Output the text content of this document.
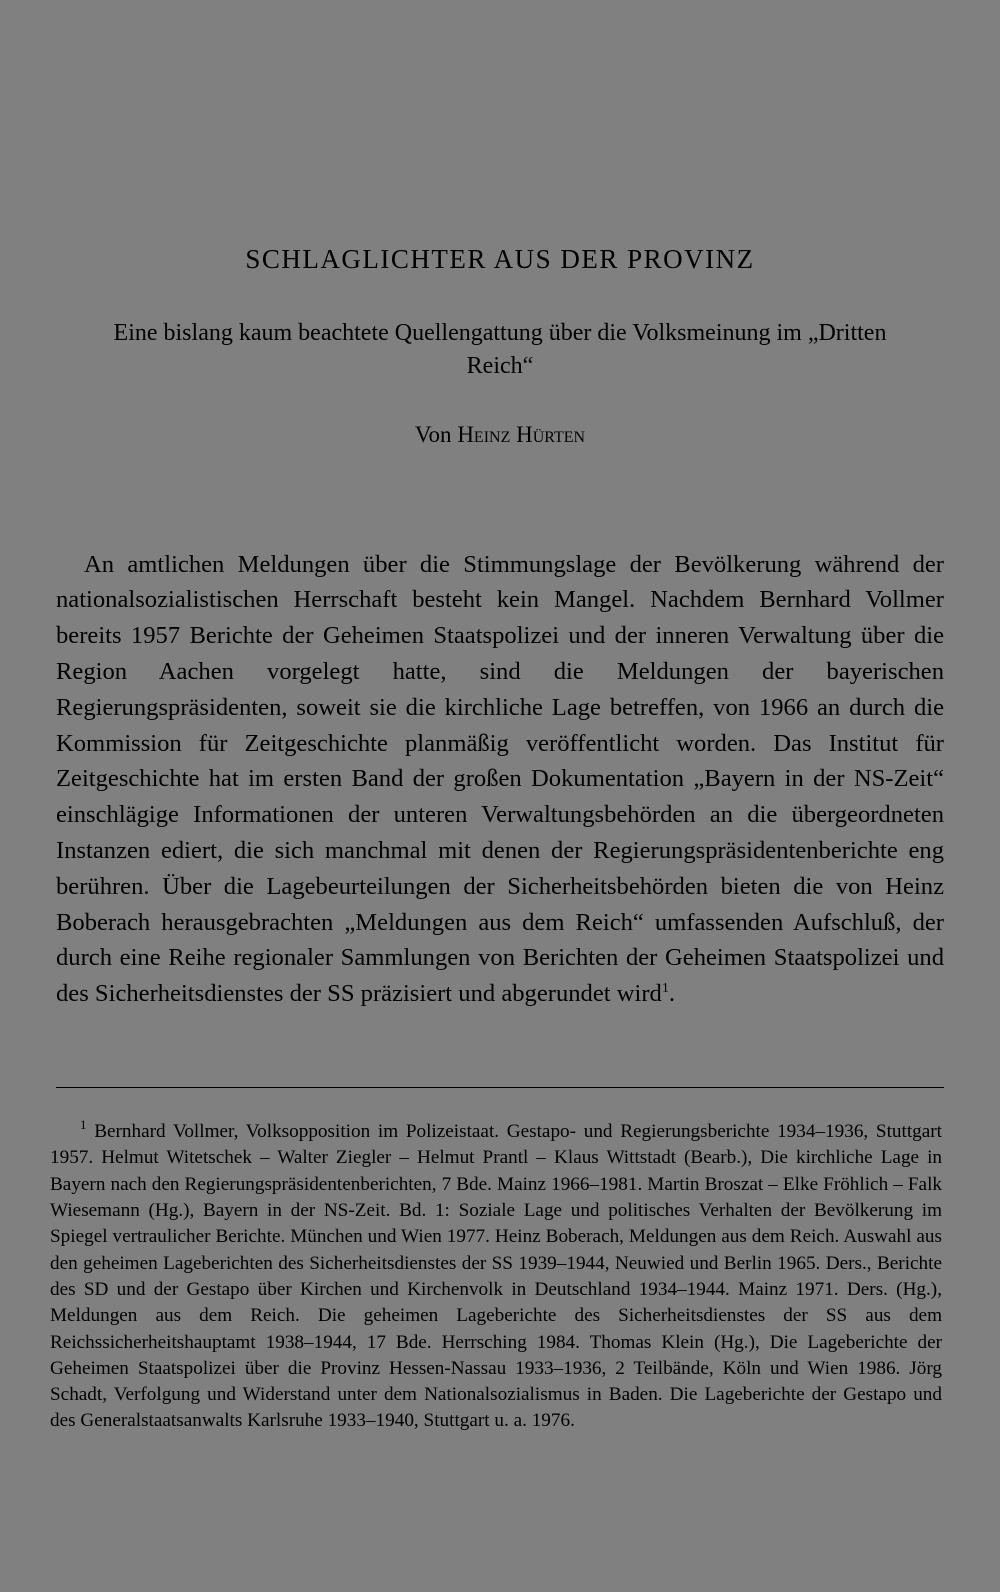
SCHLAGLICHTER AUS DER PROVINZ
Eine bislang kaum beachtete Quellengattung über die Volksmeinung im „Dritten Reich“
Von Heinz Hürten

An amtlichen Meldungen über die Stimmungslage der Bevölkerung während der nationalsozialistischen Herrschaft besteht kein Mangel. Nachdem Bernhard Vollmer bereits 1957 Berichte der Geheimen Staatspolizei und der inneren Verwaltung über die Region Aachen vorgelegt hatte, sind die Meldungen der bayerischen Regierungspräsidenten, soweit sie die kirchliche Lage betreffen, von 1966 an durch die Kommission für Zeitgeschichte planmäßig veröffentlicht worden. Das Institut für Zeitgeschichte hat im ersten Band der großen Dokumentation „Bayern in der NS-Zeit“ einschlägige Informationen der unteren Verwaltungsbehörden an die übergeordneten Instanzen ediert, die sich manchmal mit denen der Regierungspräsidentenberichte eng berühren. Über die Lagebeurteilungen der Sicherheitsbehörden bieten die von Heinz Boberach herausgebrachten „Meldungen aus dem Reich“ umfassenden Aufschluß, der durch eine Reihe regionaler Sammlungen von Berichten der Geheimen Staatspolizei und des Sicherheitsdienstes der SS präzisiert und abgerundet wird$^1$.

$^1$ Bernhard Vollmer, Volksopposition im Polizeistaat. Gestapo- und Regierungsberichte 1934–1936, Stuttgart 1957. Helmut Witetschek – Walter Ziegler – Helmut Prantl – Klaus Wittstadt (Bearb.), Die kirchliche Lage in Bayern nach den Regierungspräsidentenberichten, 7 Bde. Mainz 1966–1981. Martin Broszat – Elke Fröhlich – Falk Wiesemann (Hg.), Bayern in der NS-Zeit. Bd. 1: Soziale Lage und politisches Verhalten der Bevölkerung im Spiegel vertraulicher Berichte. München und Wien 1977. Heinz Boberach, Meldungen aus dem Reich. Auswahl aus den geheimen Lageberichten des Sicherheitsdienstes der SS 1939–1944, Neuwied und Berlin 1965. Ders., Berichte des SD und der Gestapo über Kirchen und Kirchenvolk in Deutschland 1934–1944. Mainz 1971. Ders. (Hg.), Meldungen aus dem Reich. Die geheimen Lageberichte des Sicherheitsdienstes der SS aus dem Reichssicherheitshauptamt 1938–1944, 17 Bde. Herrsching 1984. Thomas Klein (Hg.), Die Lageberichte der Geheimen Staatspolizei über die Provinz Hessen-Nassau 1933–1936, 2 Teilbände, Köln und Wien 1986. Jörg Schadt, Verfolgung und Widerstand unter dem Nationalsozialismus in Baden. Die Lageberichte der Gestapo und des Generalstaatsanwalts Karlsruhe 1933–1940, Stuttgart u. a. 1976.
